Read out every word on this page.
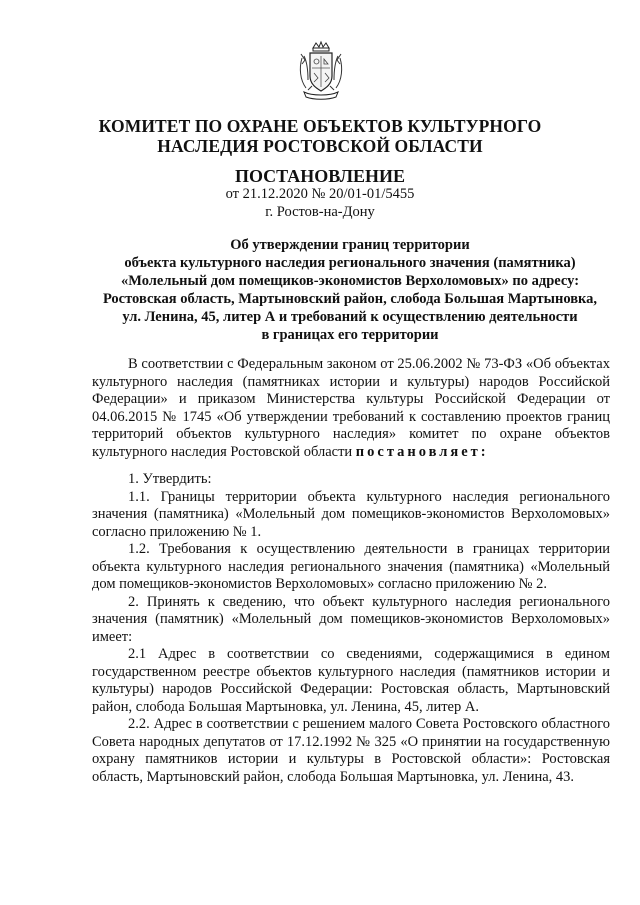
КОМИТЕТ ПО ОХРАНЕ ОБЪЕКТОВ КУЛЬТУРНОГО
НАСЛЕДИЯ РОСТОВСКОЙ ОБЛАСТИ
ПОСТАНОВЛЕНИЕ
от 21.12.2020 № 20/01-01/5455
г. Ростов-на-Дону
Об утверждении границ территории
объекта культурного наследия регионального значения (памятника)
«Молельный дом помещиков-экономистов Верхоломовых» по адресу:
Ростовская область, Мартыновский район, слобода Большая Мартыновка,
ул. Ленина, 45, литер А и требований к осуществлению деятельности
в границах его территории

В соответствии с Федеральным законом от 25.06.2002 № 73-ФЗ «Об объектах культурного наследия (памятниках истории и культуры) народов Российской Федерации» и приказом Министерства культуры Российской Федерации от 04.06.2015 № 1745 «Об утверждении требований к составлению проектов границ территорий объектов культурного наследия» комитет по охране объектов культурного наследия Ростовской области постановляет:

1. Утвердить:

1.1. Границы территории объекта культурного наследия регионального значения (памятника) «Молельный дом помещиков-экономистов Верхоломовых» согласно приложению № 1.

1.2. Требования к осуществлению деятельности в границах территории объекта культурного наследия регионального значения (памятника) «Молельный дом помещиков-экономистов Верхоломовых» согласно приложению № 2.

2. Принять к сведению, что объект культурного наследия регионального значения (памятник) «Молельный дом помещиков-экономистов Верхоломовых» имеет:

2.1 Адрес в соответствии со сведениями, содержащимися в едином государственном реестре объектов культурного наследия (памятников истории и культуры) народов Российской Федерации: Ростовская область, Мартыновский район, слобода Большая Мартыновка, ул. Ленина, 45, литер А.

2.2. Адрес в соответствии с решением малого Совета Ростовского областного Совета народных депутатов от 17.12.1992 № 325 «О принятии на государственную охрану памятников истории и культуры в Ростовской области»: Ростовская область, Мартыновский район, слобода Большая Мартыновка, ул. Ленина, 43.
